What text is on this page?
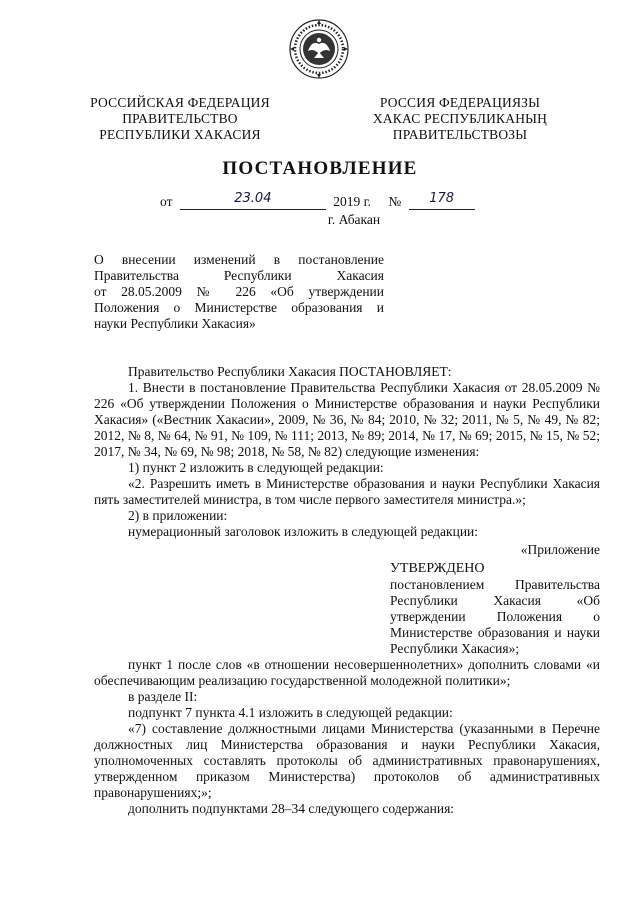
РОССИЙСКАЯ ФЕДЕРАЦИЯ
ПРАВИТЕЛЬСТВО
РЕСПУБЛИКИ ХАКАСИЯ
РОССИЯ ФЕДЕРАЦИЯЗЫ
ХАКАС РЕСПУБЛИКАНЫҢ
ПРАВИТЕЛЬСТВОЗЫ
ПОСТАНОВЛЕНИЕ
от	23.04	2019 г. № 178
г. Абакан
О внесении изменений в постановление
Правительства Республики Хакасия
от 28.05.2009 № 226 «Об утверждении
Положения о Министерстве образования и
науки Республики Хакасия»

Правительство Республики Хакасия ПОСТАНОВЛЯЕТ:

1. Внести в постановление Правительства Республики Хакасия от 28.05.2009 № 226 «Об утверждении Положения о Министерстве образования и науки Республики Хакасия» («Вестник Хакасии», 2009, № 36, № 84; 2010, № 32; 2011, № 5, № 49, № 82; 2012, № 8, № 64, № 91, № 109, № 111; 2013, № 89; 2014, № 17, № 69; 2015, № 15, № 52; 2017, № 34, № 69, № 98; 2018, № 58, № 82) следующие изменения:

1) пункт 2 изложить в следующей редакции:

«2. Разрешить иметь в Министерстве образования и науки Республики Хакасия пять заместителей министра, в том числе первого заместителя министра.»;

2) в приложении:

нумерационный заголовок изложить в следующей редакции:

«Приложение

УТВЕРЖДЕНО
постановлением Правительства Республики Хакасия «Об утверждении Положения о Министерстве образования и науки Республики Хакасия»;

пункт 1 после слов «в отношении несовершеннолетних» дополнить словами «и обеспечивающим реализацию государственной молодежной политики»;

в разделе II:

подпункт 7 пункта 4.1 изложить в следующей редакции:

«7) составление должностными лицами Министерства (указанными в Перечне должностных лиц Министерства образования и науки Республики Хакасия, уполномоченных составлять протоколы об административных правонарушениях, утвержденном приказом Министерства) протоколов об административных правонарушениях;»;

дополнить подпунктами 28–34 следующего содержания:
